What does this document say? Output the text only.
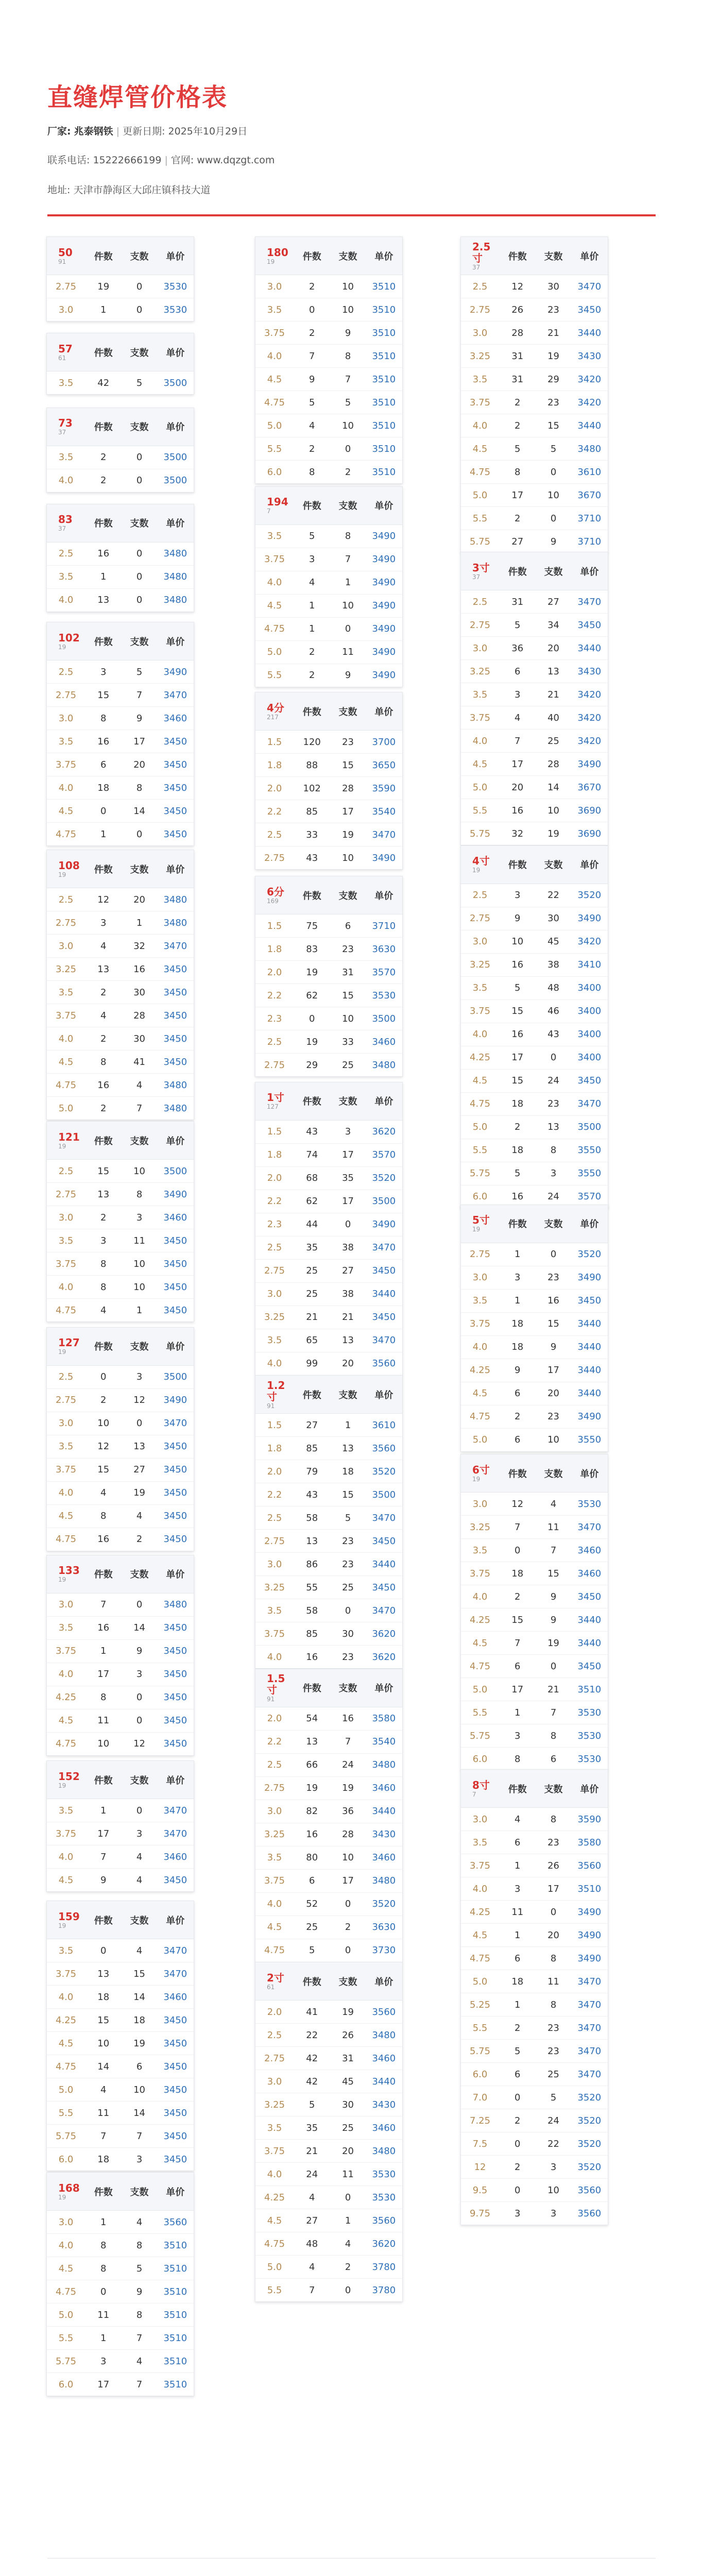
直缝焊管价格表
厂家: 兆泰钢铁 | 更新日期: 2025年10月29日
联系电话: 15222666199 | 官网: www.dqzgt.com
地址: 天津市静海区大邱庄镇科技大道
50
91	件数	支数	单价
2.75	19	0	3530
3.0	1	0	3530
57
61	件数	支数	单价
3.5	42	5	3500
73
37	件数	支数	单价
3.5	2	0	3500
4.0	2	0	3500
83
37	件数	支数	单价
2.5	16	0	3480
3.5	1	0	3480
4.0	13	0	3480
102
19	件数	支数	单价
2.5	3	5	3490
2.75	15	7	3470
3.0	8	9	3460
3.5	16	17	3450
3.75	6	20	3450
4.0	18	8	3450
4.5	0	14	3450
4.75	1	0	3450
108
19	件数	支数	单价
2.5	12	20	3480
2.75	3	1	3480
3.0	4	32	3470
3.25	13	16	3450
3.5	2	30	3450
3.75	4	28	3450
4.0	2	30	3450
4.5	8	41	3450
4.75	16	4	3480
5.0	2	7	3480
121
19	件数	支数	单价
2.5	15	10	3500
2.75	13	8	3490
3.0	2	3	3460
3.5	3	11	3450
3.75	8	10	3450
4.0	8	10	3450
4.75	4	1	3450
127
19	件数	支数	单价
2.5	0	3	3500
2.75	2	12	3490
3.0	10	0	3470
3.5	12	13	3450
3.75	15	27	3450
4.0	4	19	3450
4.5	8	4	3450
4.75	16	2	3450
133
19	件数	支数	单价
3.0	7	0	3480
3.5	16	14	3450
3.75	1	9	3450
4.0	17	3	3450
4.25	8	0	3450
4.5	11	0	3450
4.75	10	12	3450
152
19	件数	支数	单价
3.5	1	0	3470
3.75	17	3	3470
4.0	7	4	3460
4.5	9	4	3450
159
19	件数	支数	单价
3.5	0	4	3470
3.75	13	15	3470
4.0	18	14	3460
4.25	15	18	3450
4.5	10	19	3450
4.75	14	6	3450
5.0	4	10	3450
5.5	11	14	3450
5.75	7	7	3450
6.0	18	3	3450
168
19	件数	支数	单价
3.0	1	4	3560
4.0	8	8	3510
4.5	8	5	3510
4.75	0	9	3510
5.0	11	8	3510
5.5	1	7	3510
5.75	3	4	3510
6.0	17	7	3510
180
19	件数	支数	单价
3.0	2	10	3510
3.5	0	10	3510
3.75	2	9	3510
4.0	7	8	3510
4.5	9	7	3510
4.75	5	5	3510
5.0	4	10	3510
5.5	2	0	3510
6.0	8	2	3510
194
7	件数	支数	单价
3.5	5	8	3490
3.75	3	7	3490
4.0	4	1	3490
4.5	1	10	3490
4.75	1	0	3490
5.0	2	11	3490
5.5	2	9	3490
4分
217	件数	支数	单价
1.5	120	23	3700
1.8	88	15	3650
2.0	102	28	3590
2.2	85	17	3540
2.5	33	19	3470
2.75	43	10	3490
6分
169	件数	支数	单价
1.5	75	6	3710
1.8	83	23	3630
2.0	19	31	3570
2.2	62	15	3530
2.3	0	10	3500
2.5	19	33	3460
2.75	29	25	3480
1寸
127	件数	支数	单价
1.5	43	3	3620
1.8	74	17	3570
2.0	68	35	3520
2.2	62	17	3500
2.3	44	0	3490
2.5	35	38	3470
2.75	25	27	3450
3.0	25	38	3440
3.25	21	21	3450
3.5	65	13	3470
4.0	99	20	3560
1.2寸
91	件数	支数	单价
1.5	27	1	3610
1.8	85	13	3560
2.0	79	18	3520
2.2	43	15	3500
2.5	58	5	3470
2.75	13	23	3450
3.0	86	23	3440
3.25	55	25	3450
3.5	58	0	3470
3.75	85	30	3620
4.0	16	23	3620
1.5寸
91	件数	支数	单价
2.0	54	16	3580
2.2	13	7	3540
2.5	66	24	3480
2.75	19	19	3460
3.0	82	36	3440
3.25	16	28	3430
3.5	80	10	3460
3.75	6	17	3480
4.0	52	0	3520
4.5	25	2	3630
4.75	5	0	3730
2寸
61	件数	支数	单价
2.0	41	19	3560
2.5	22	26	3480
2.75	42	31	3460
3.0	42	45	3440
3.25	5	30	3430
3.5	35	25	3460
3.75	21	20	3480
4.0	24	11	3530
4.25	4	0	3530
4.5	27	1	3560
4.75	48	4	3620
5.0	4	2	3780
5.5	7	0	3780
2.5寸
37	件数	支数	单价
2.5	12	30	3470
2.75	26	23	3450
3.0	28	21	3440
3.25	31	19	3430
3.5	31	29	3420
3.75	2	23	3420
4.0	2	15	3440
4.5	5	5	3480
4.75	8	0	3610
5.0	17	10	3670
5.5	2	0	3710
5.75	27	9	3710
3寸
37	件数	支数	单价
2.5	31	27	3470
2.75	5	34	3450
3.0	36	20	3440
3.25	6	13	3430
3.5	3	21	3420
3.75	4	40	3420
4.0	7	25	3420
4.5	17	28	3490
5.0	20	14	3670
5.5	16	10	3690
5.75	32	19	3690
4寸
19	件数	支数	单价
2.5	3	22	3520
2.75	9	30	3490
3.0	10	45	3420
3.25	16	38	3410
3.5	5	48	3400
3.75	15	46	3400
4.0	16	43	3400
4.25	17	0	3400
4.5	15	24	3450
4.75	18	23	3470
5.0	2	13	3500
5.5	18	8	3550
5.75	5	3	3550
6.0	16	24	3570
5寸
19	件数	支数	单价
2.75	1	0	3520
3.0	3	23	3490
3.5	1	16	3450
3.75	18	15	3440
4.0	18	9	3440
4.25	9	17	3440
4.5	6	20	3440
4.75	2	23	3490
5.0	6	10	3550
6寸
19	件数	支数	单价
3.0	12	4	3530
3.25	7	11	3470
3.5	0	7	3460
3.75	18	15	3460
4.0	2	9	3450
4.25	15	9	3440
4.5	7	19	3440
4.75	6	0	3450
5.0	17	21	3510
5.5	1	7	3530
5.75	3	8	3530
6.0	8	6	3530
8寸
7	件数	支数	单价
3.0	4	8	3590
3.5	6	23	3580
3.75	1	26	3560
4.0	3	17	3510
4.25	11	0	3490
4.5	1	20	3490
4.75	6	8	3490
5.0	18	11	3470
5.25	1	8	3470
5.5	2	23	3470
5.75	5	23	3470
6.0	6	25	3470
7.0	0	5	3520
7.25	2	24	3520
7.5	0	22	3520
12	2	3	3520
9.5	0	10	3560
9.75	3	3	3560
